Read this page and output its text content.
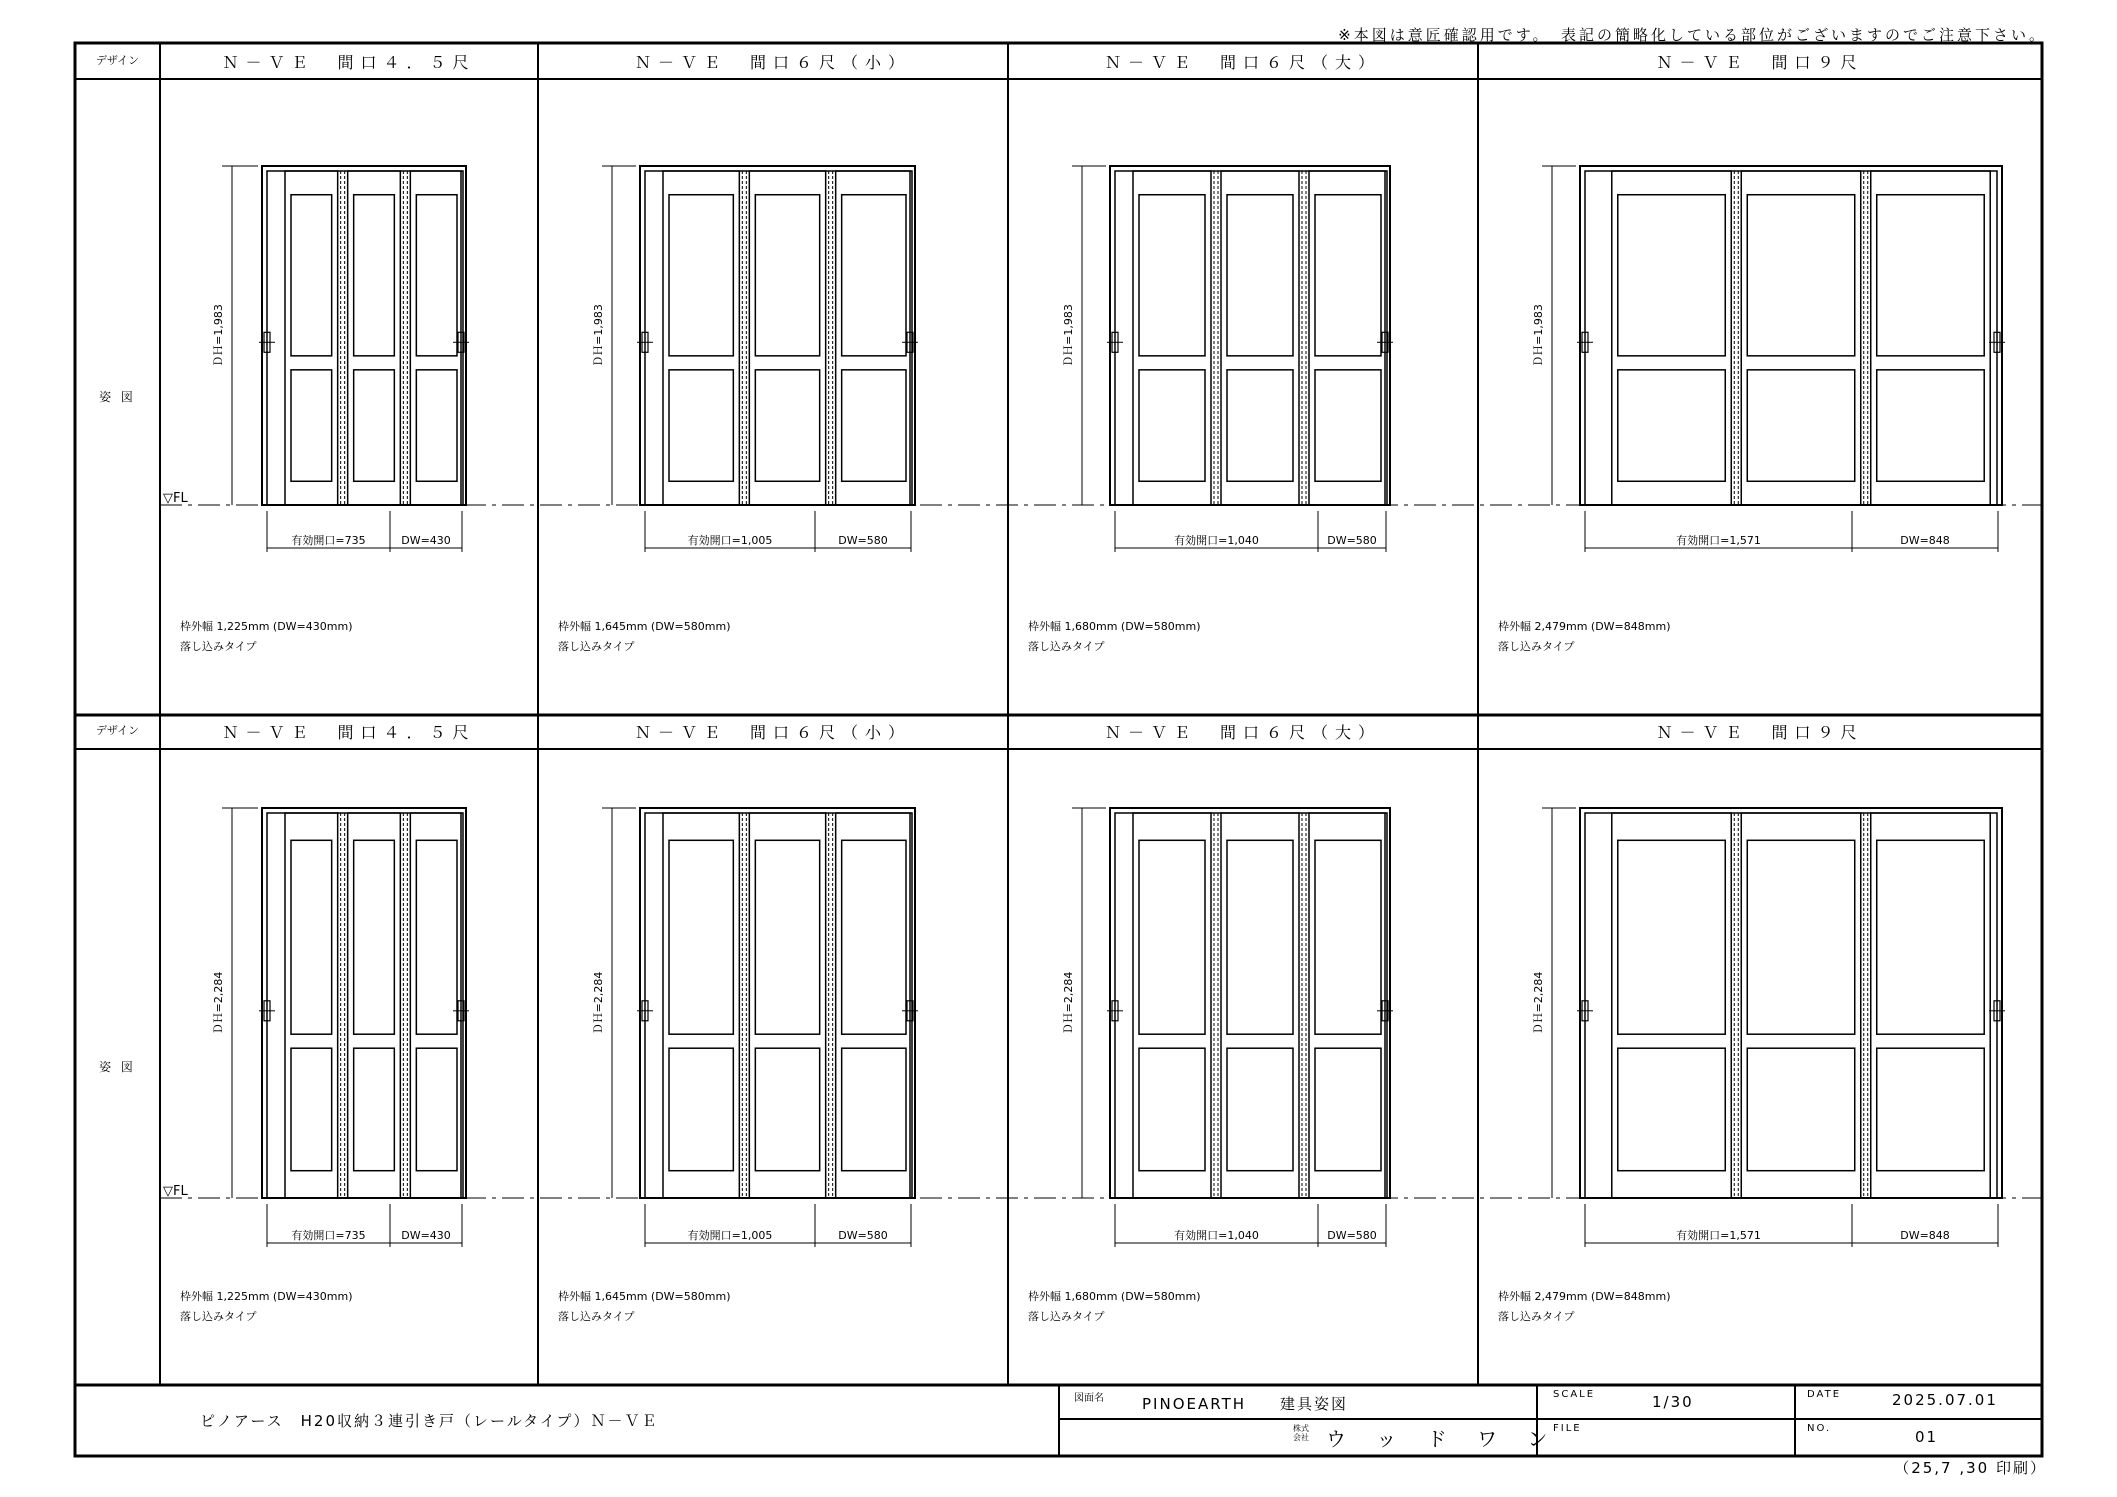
▽FL
ＤＨ=1,983
有効開口=735	DW=430
ＤＨ=1,983
有効開口=1,005	DW=580
ＤＨ=1,983
有効開口=1,040	DW=580
ＤＨ=1,983
有効開口=1,571	DW=848
▽FL
ＤＨ=2,284
有効開口=735	DW=430
ＤＨ=2,284
有効開口=1,005	DW=580
ＤＨ=2,284
有効開口=1,040	DW=580
ＤＨ=2,284
有効開口=1,571	DW=848
※本図は意匠確認用です。　表記の簡略化している部位がございますのでご注意下さい。
デザイン
姿 図
Ｎ－ＶＥ　間口４．５尺	Ｎ－ＶＥ　間口６尺（小）	Ｎ－ＶＥ　間口６尺（大）	Ｎ－ＶＥ　間口９尺
枠外幅 1,225mm (DW=430mm)
落し込みタイプ
枠外幅 1,645mm (DW=580mm)
落し込みタイプ
枠外幅 1,680mm (DW=580mm)
落し込みタイプ
枠外幅 2,479mm (DW=848mm)
落し込みタイプ
デザイン
姿 図
Ｎ－ＶＥ　間口４．５尺	Ｎ－ＶＥ　間口６尺（小）	Ｎ－ＶＥ　間口６尺（大）	Ｎ－ＶＥ　間口９尺
枠外幅 1,225mm (DW=430mm)
落し込みタイプ
枠外幅 1,645mm (DW=580mm)
落し込みタイプ
枠外幅 1,680mm (DW=580mm)
落し込みタイプ
枠外幅 2,479mm (DW=848mm)
落し込みタイプ
ピノアース　H20収納３連引き戸（レールタイプ）Ｎ－ＶＥ
図面名	PINOEARTH　　建具姿図
株式会社 ウ ッ ド ワ ン
SCALE	1/30
FILE
DATE	2025.07.01
NO.	01
（25,7 ,30 印刷）
